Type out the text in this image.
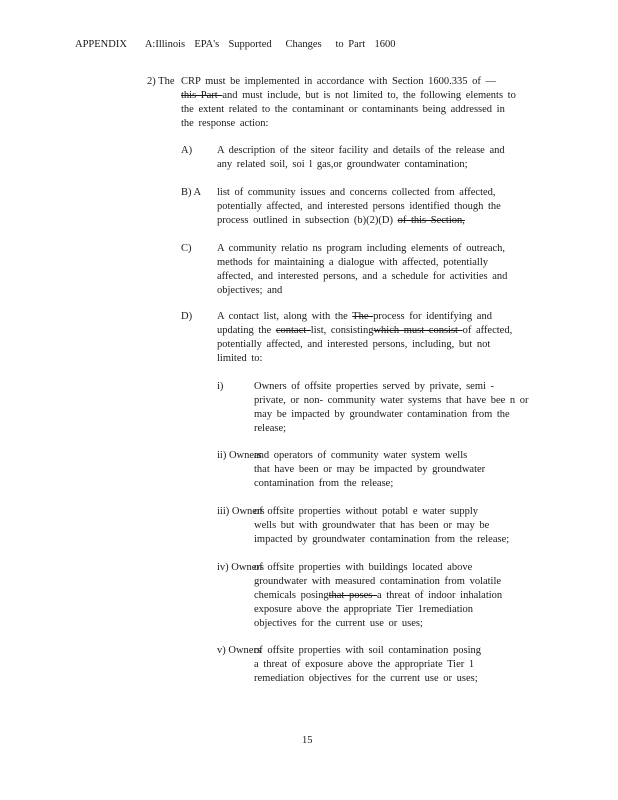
APPENDIX    A:Illinois  EPA's  Supported   Changes   to Part  1600
2) The CRP must be implemented in accordance with Section 1600.335 of —
this Part and must include, but is not limited to, the following elements to
the extent related to the contaminant or contaminants being addressed in
the response action:
A) A description of the siteor facility and details of the release and
any related soil, soi l gas,or groundwater contamination;
B) A	list of community issues and concerns collected from affected,
potentially affected, and interested persons identified though the
process outlined in subsection (b)(2)(D) of this Section,
C) A community relatio ns program including elements of outreach,
methods for maintaining a dialogue with affected, potentially
affected, and interested persons, and a schedule for activities and
objectives; and
D) A contact list, along with the The process for identifying and
updating the contact list, consistingwhich must consist of affected,
potentially affected, and interested persons, including, but not
limited to:
i)	Owners of offsite properties served by private, semi -
private, or non- community water systems that have bee n or
may be impacted by groundwater contamination from the
release;
ii) Owners
and operators of community water system wells
that have been or may be impacted by groundwater
contamination from the release;
iii) Owners
of offsite properties without potabl e water supply
wells but with groundwater that has been or may be
impacted by groundwater contamination from the release;
iv) Owners
of offsite properties with buildings located above
groundwater with measured contamination from volatile
chemicals posingthat poses a threat of indoor inhalation
exposure above the appropriate Tier 1remediation
objectives for the current use or uses;
v) Owners
of offsite properties with soil contamination posing
a threat of exposure above the appropriate Tier 1
remediation objectives for the current use or uses;
15
